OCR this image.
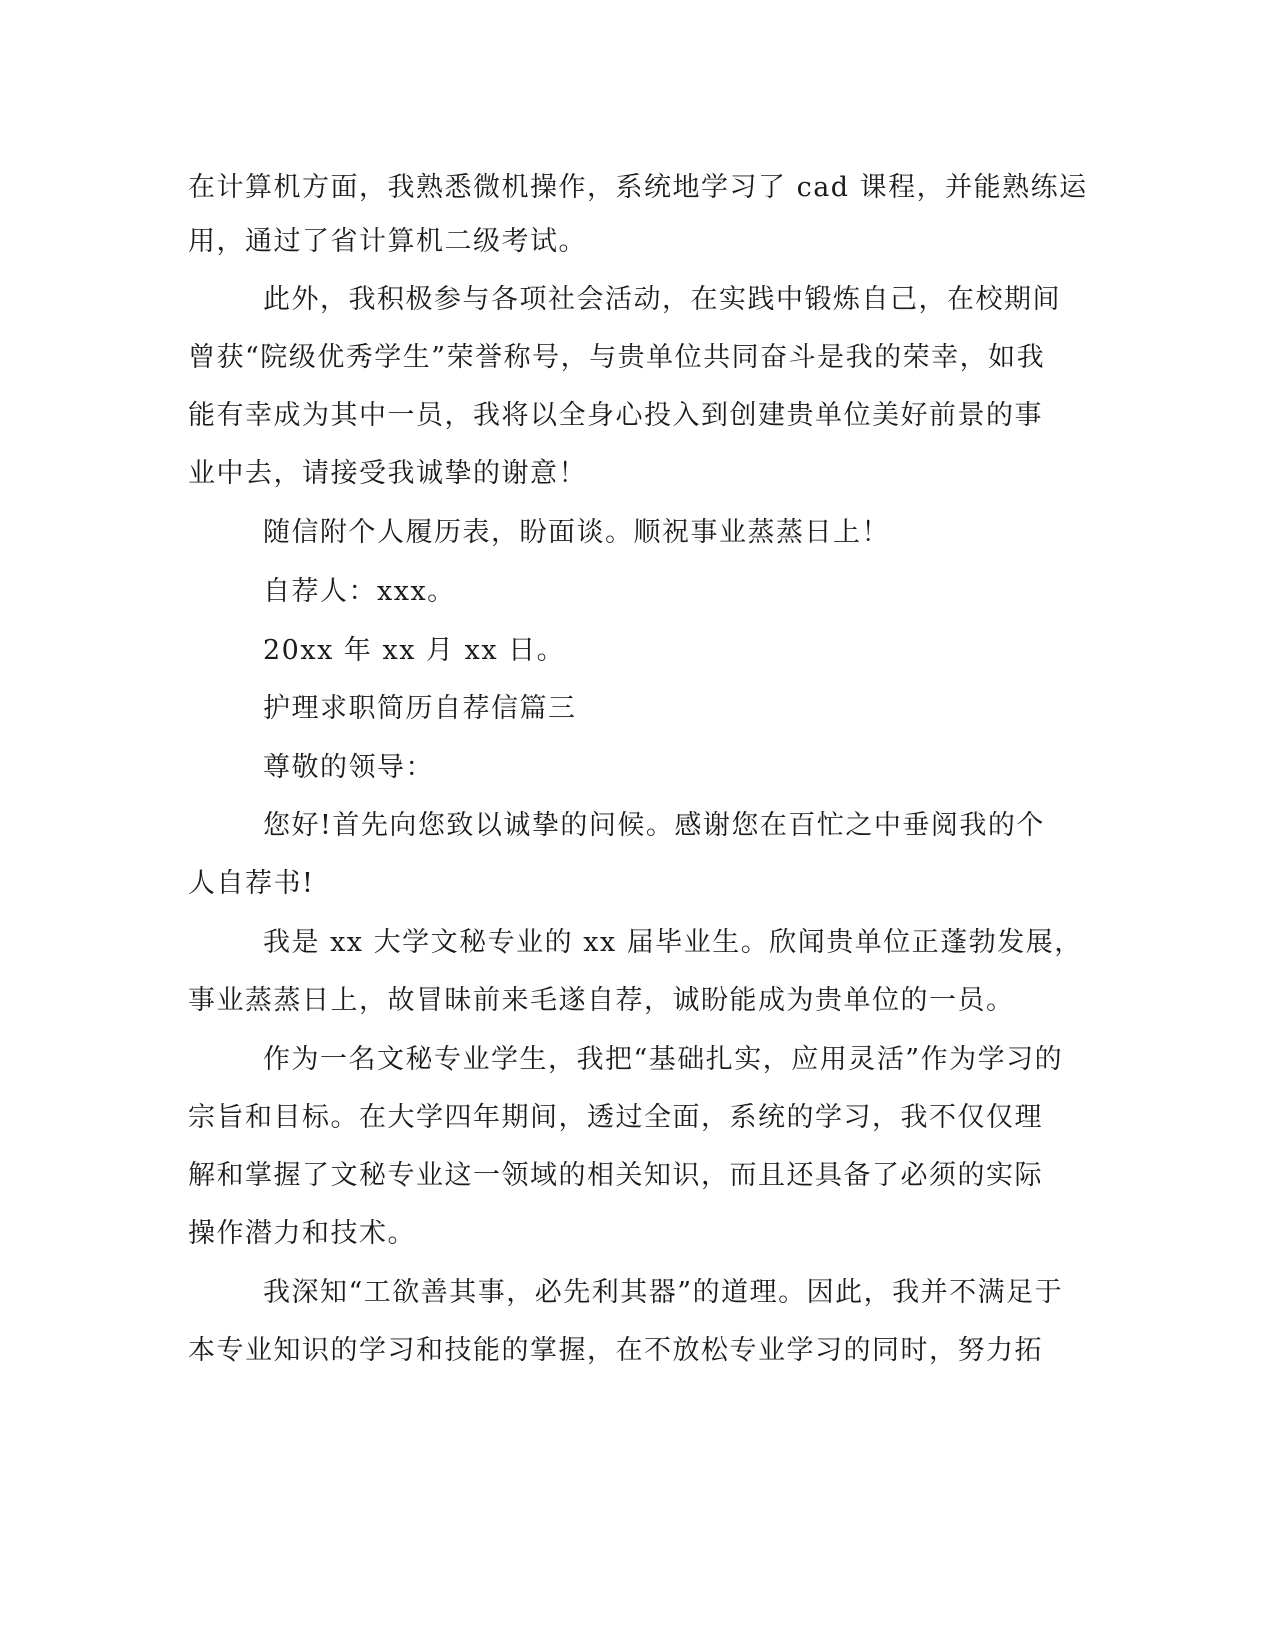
在计算机方面，我熟悉微机操作，系统地学习了 cad 课程，并能熟练运
用，通过了省计算机二级考试。
此外，我积极参与各项社会活动，在实践中锻炼自己，在校期间
曾获“院级优秀学生”荣誉称号，与贵单位共同奋斗是我的荣幸，如我
能有幸成为其中一员，我将以全身心投入到创建贵单位美好前景的事
业中去，请接受我诚挚的谢意！
随信附个人履历表，盼面谈。顺祝事业蒸蒸日上！
自荐人：xxx。
20xx 年 xx 月 xx 日。
护理求职简历自荐信篇三
尊敬的领导：
您好!首先向您致以诚挚的问候。感谢您在百忙之中垂阅我的个
人自荐书!
我是 xx 大学文秘专业的 xx 届毕业生。欣闻贵单位正蓬勃发展，
事业蒸蒸日上，故冒昧前来毛遂自荐，诚盼能成为贵单位的一员。
作为一名文秘专业学生，我把“基础扎实，应用灵活”作为学习的
宗旨和目标。在大学四年期间，透过全面，系统的学习，我不仅仅理
解和掌握了文秘专业这一领域的相关知识，而且还具备了必须的实际
操作潜力和技术。
我深知“工欲善其事，必先利其器”的道理。因此，我并不满足于
本专业知识的学习和技能的掌握，在不放松专业学习的同时，努力拓
